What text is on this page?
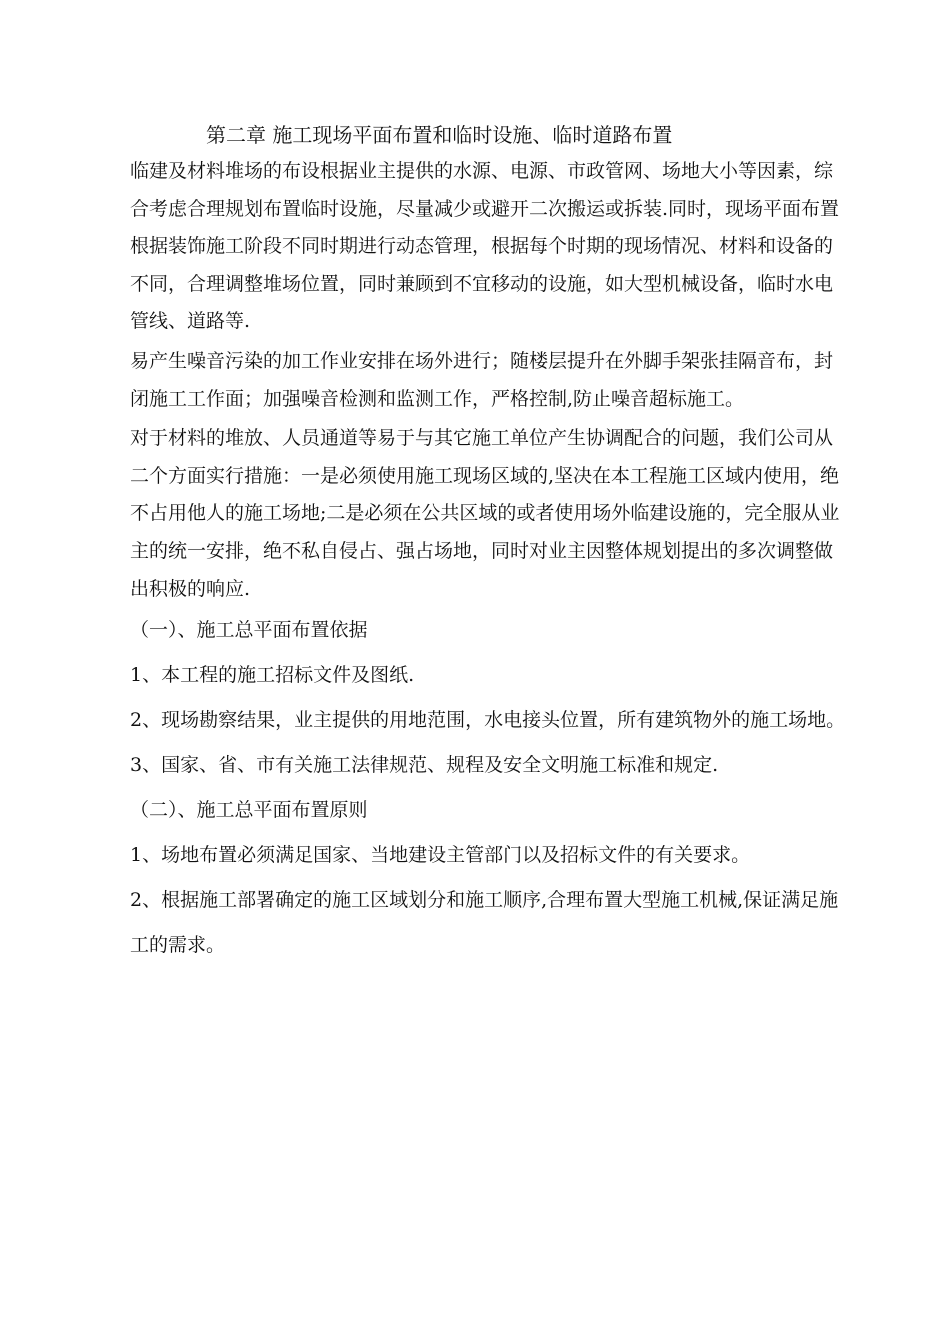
第二章 施工现场平面布置和临时设施、临时道路布置

临建及材料堆场的布设根据业主提供的水源、电源、市政管网、场地大小等因素，综合考虑合理规划布置临时设施，尽量减少或避开二次搬运或拆装.同时，现场平面布置根据装饰施工阶段不同时期进行动态管理，根据每个时期的现场情况、材料和设备的不同，合理调整堆场位置，同时兼顾到不宜移动的设施，如大型机械设备，临时水电管线、道路等.

易产生噪音污染的加工作业安排在场外进行；随楼层提升在外脚手架张挂隔音布，封闭施工工作面；加强噪音检测和监测工作，严格控制,防止噪音超标施工。

对于材料的堆放、人员通道等易于与其它施工单位产生协调配合的问题，我们公司从二个方面实行措施：一是必须使用施工现场区域的,坚决在本工程施工区域内使用，绝不占用他人的施工场地;二是必须在公共区域的或者使用场外临建设施的，完全服从业主的统一安排，绝不私自侵占、强占场地，同时对业主因整体规划提出的多次调整做出积极的响应.

（一）、施工总平面布置依据

1、本工程的施工招标文件及图纸.

2、现场勘察结果，业主提供的用地范围，水电接头位置，所有建筑物外的施工场地。

3、国家、省、市有关施工法律规范、规程及安全文明施工标准和规定.

（二）、施工总平面布置原则

1、场地布置必须满足国家、当地建设主管部门以及招标文件的有关要求。

2、根据施工部署确定的施工区域划分和施工顺序,合理布置大型施工机械,保证满足施工的需求。
